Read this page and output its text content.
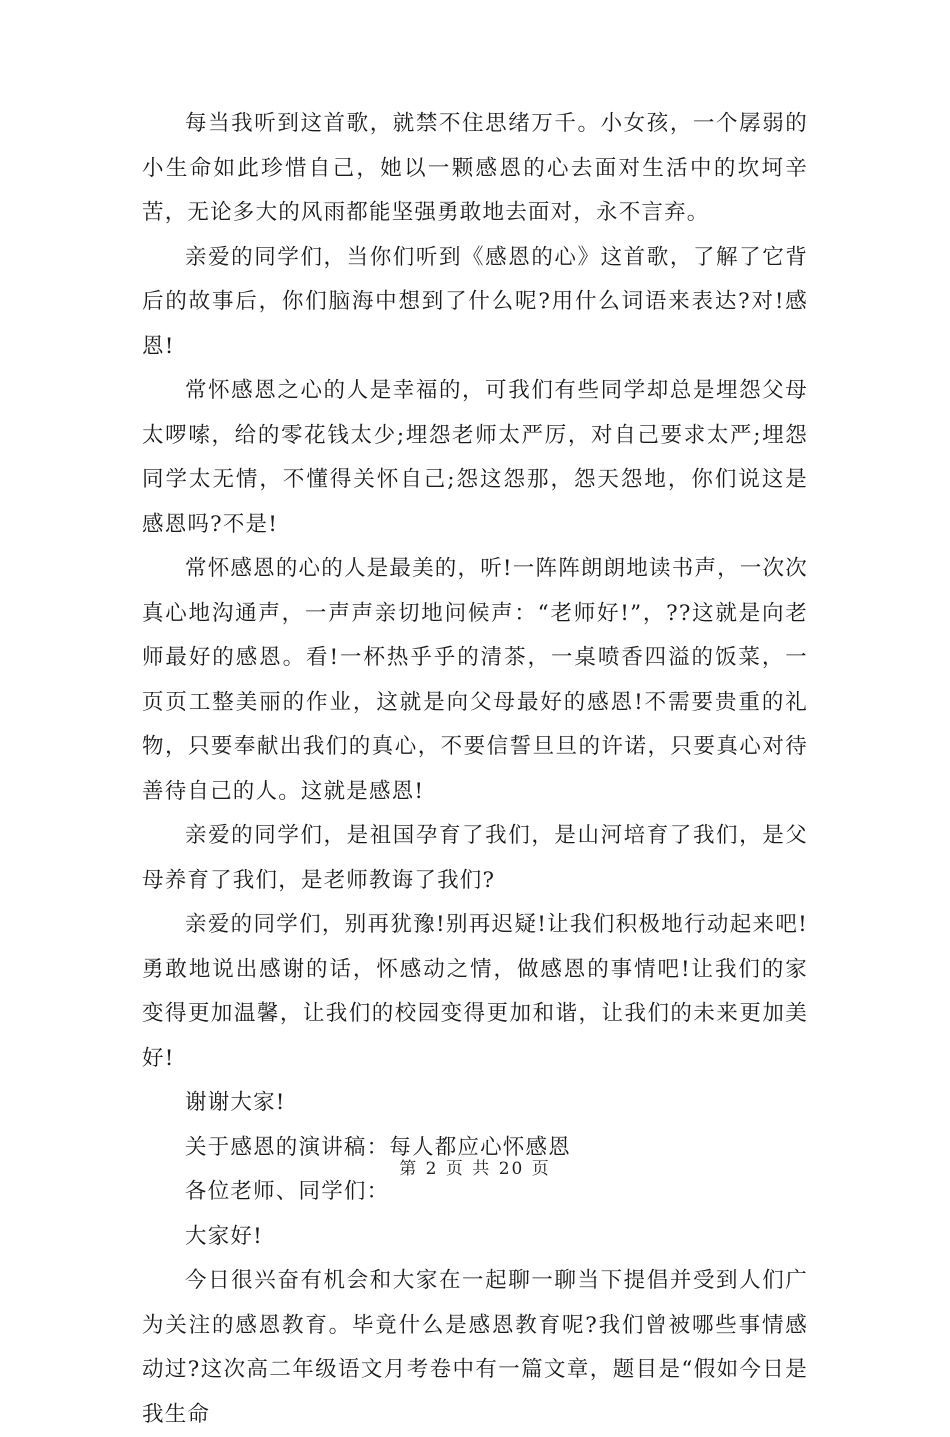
每当我听到这首歌，就禁不住思绪万千。小女孩，一个孱弱的小生命如此珍惜自己，她以一颗感恩的心去面对生活中的坎坷辛苦，无论多大的风雨都能坚强勇敢地去面对，永不言弃。

亲爱的同学们，当你们听到《感恩的心》这首歌，了解了它背后的故事后，你们脑海中想到了什么呢?用什么词语来表达?对!感恩!

常怀感恩之心的人是幸福的，可我们有些同学却总是埋怨父母太啰嗦，给的零花钱太少;埋怨老师太严厉，对自己要求太严;埋怨同学太无情，不懂得关怀自己;怨这怨那，怨天怨地，你们说这是感恩吗?不是!

常怀感恩的心的人是最美的，听!一阵阵朗朗地读书声，一次次真心地沟通声，一声声亲切地问候声：“老师好!”，??这就是向老师最好的感恩。看!一杯热乎乎的清茶，一桌喷香四溢的饭菜，一页页工整美丽的作业，这就是向父母最好的感恩!不需要贵重的礼物，只要奉献出我们的真心，不要信誓旦旦的许诺，只要真心对待善待自己的人。这就是感恩!

亲爱的同学们，是祖国孕育了我们，是山河培育了我们，是父母养育了我们，是老师教诲了我们?

亲爱的同学们，别再犹豫!别再迟疑!让我们积极地行动起来吧!勇敢地说出感谢的话，怀感动之情，做感恩的事情吧!让我们的家变得更加温馨，让我们的校园变得更加和谐，让我们的未来更加美好!

谢谢大家!

关于感恩的演讲稿：每人都应心怀感恩

各位老师、同学们：

大家好!

今日很兴奋有机会和大家在一起聊一聊当下提倡并受到人们广为关注的感恩教育。毕竟什么是感恩教育呢?我们曾被哪些事情感动过?这次高二年级语文月考卷中有一篇文章，题目是“假如今日是我生命

第 2 页 共 20 页
